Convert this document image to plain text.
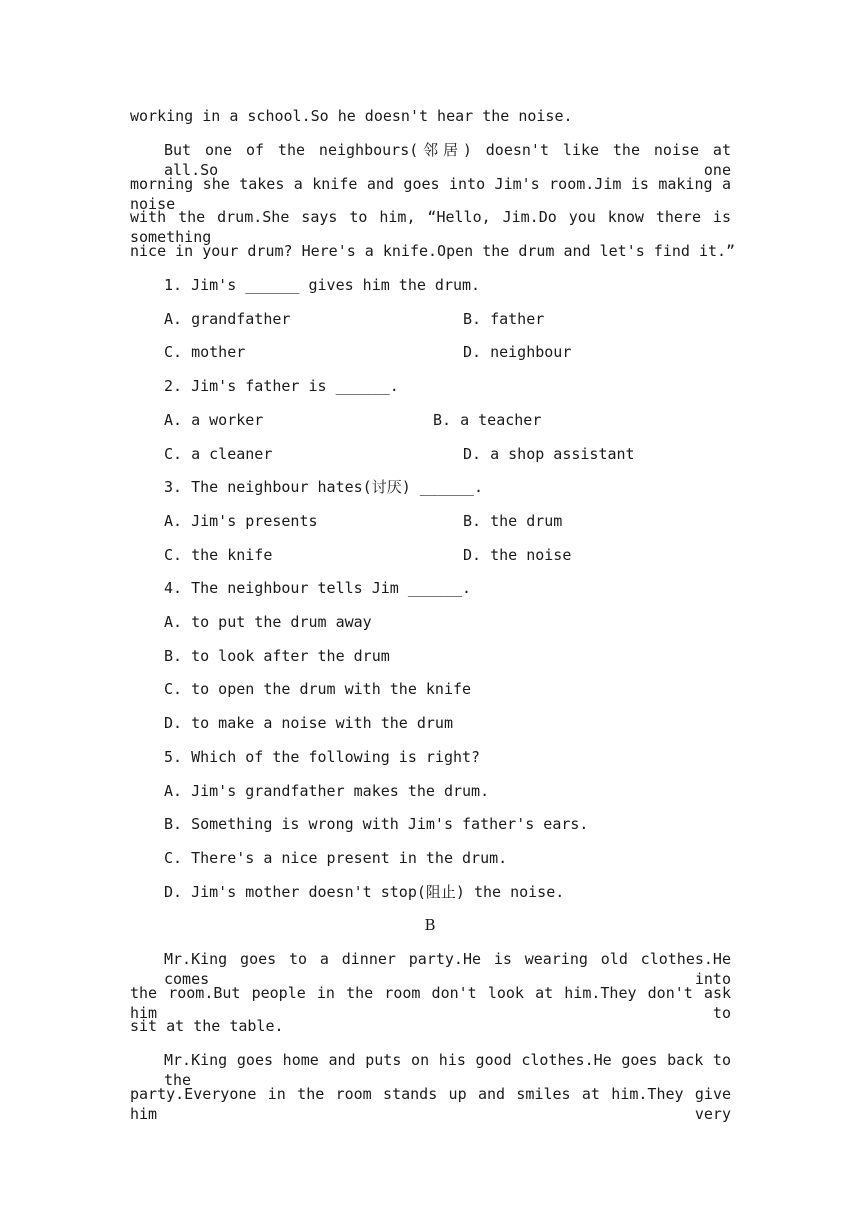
working in a school.So he doesn't hear the noise.
But one of the neighbours(邻居) doesn't like the noise at all.So one
morning she takes a knife and goes into Jim's room.Jim is making a noise
with the drum.She says to him, “Hello, Jim.Do you know there is something
nice in your drum? Here's a knife.Open the drum and let's find it.”
1. Jim's ______ gives him the drum.
A. grandfather	B. father
C. mother	D. neighbour
2. Jim's father is ______.
A. a worker	B. a teacher
C. a cleaner	D. a shop assistant
3. The neighbour hates(讨厌) ______.
A. Jim's presents	B. the drum
C. the knife	D. the noise
4. The neighbour tells Jim ______.
A. to put the drum away
B. to look after the drum
C. to open the drum with the knife
D. to make a noise with the drum
5. Which of the following is right?
A. Jim's grandfather makes the drum.
B. Something is wrong with Jim's father's ears.
C. There's a nice present in the drum.
D. Jim's mother doesn't stop(阻止) the noise.
B
Mr.King goes to a dinner party.He is wearing old clothes.He comes into
the room.But people in the room don't look at him.They don't ask him to
sit at the table.
Mr.King goes home and puts on his good clothes.He goes back to the
party.Everyone in the room stands up and smiles at him.They give him very
